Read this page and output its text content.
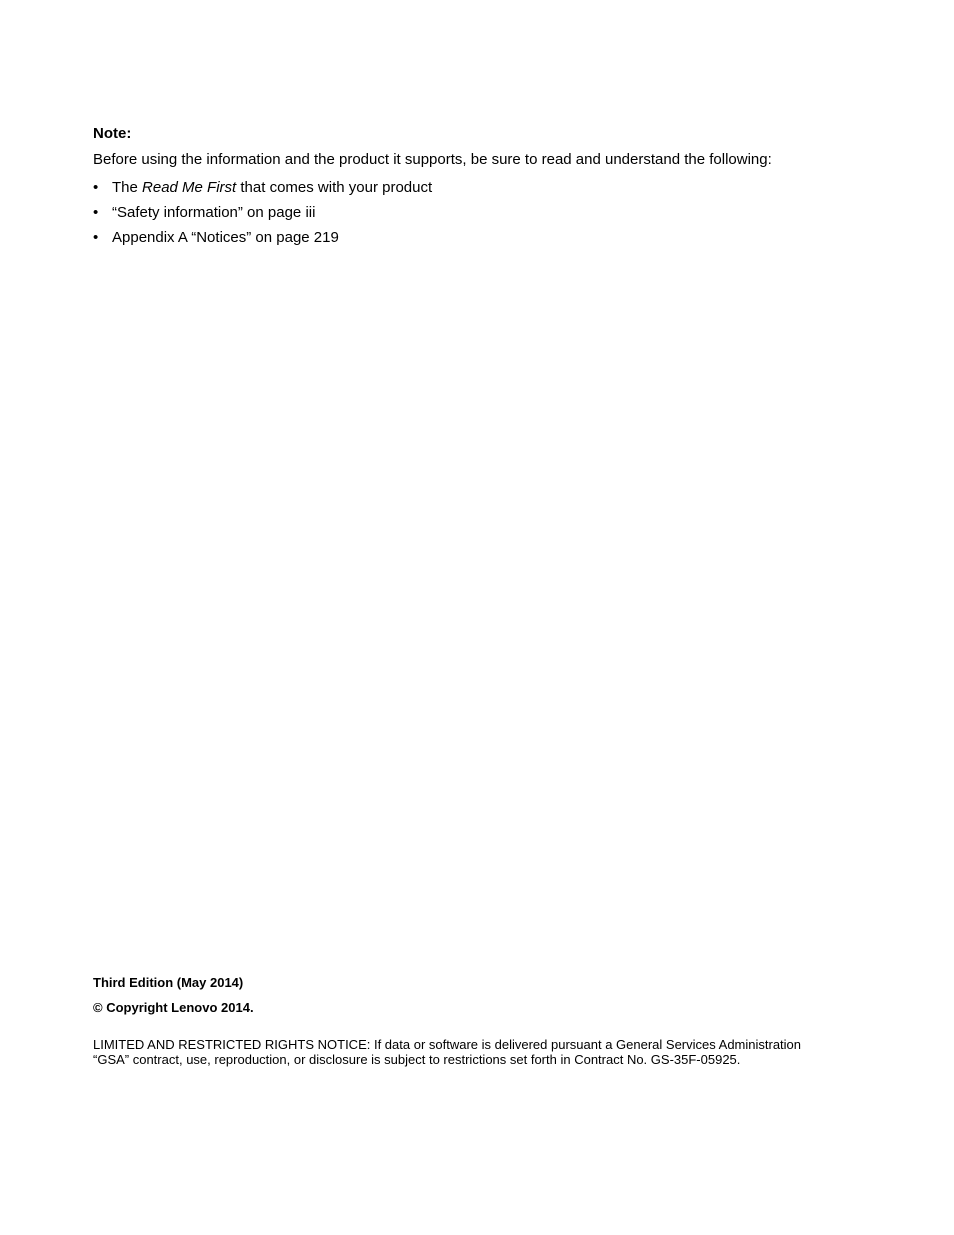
Note:

Before using the information and the product it supports, be sure to read and understand the following:

• The Read Me First that comes with your product
• “Safety information” on page iii
• Appendix A “Notices” on page 219

Third Edition (May 2014)

© Copyright Lenovo 2014.

LIMITED AND RESTRICTED RIGHTS NOTICE: If data or software is delivered pursuant a General Services Administration
“GSA” contract, use, reproduction, or disclosure is subject to restrictions set forth in Contract No. GS-35F-05925.
